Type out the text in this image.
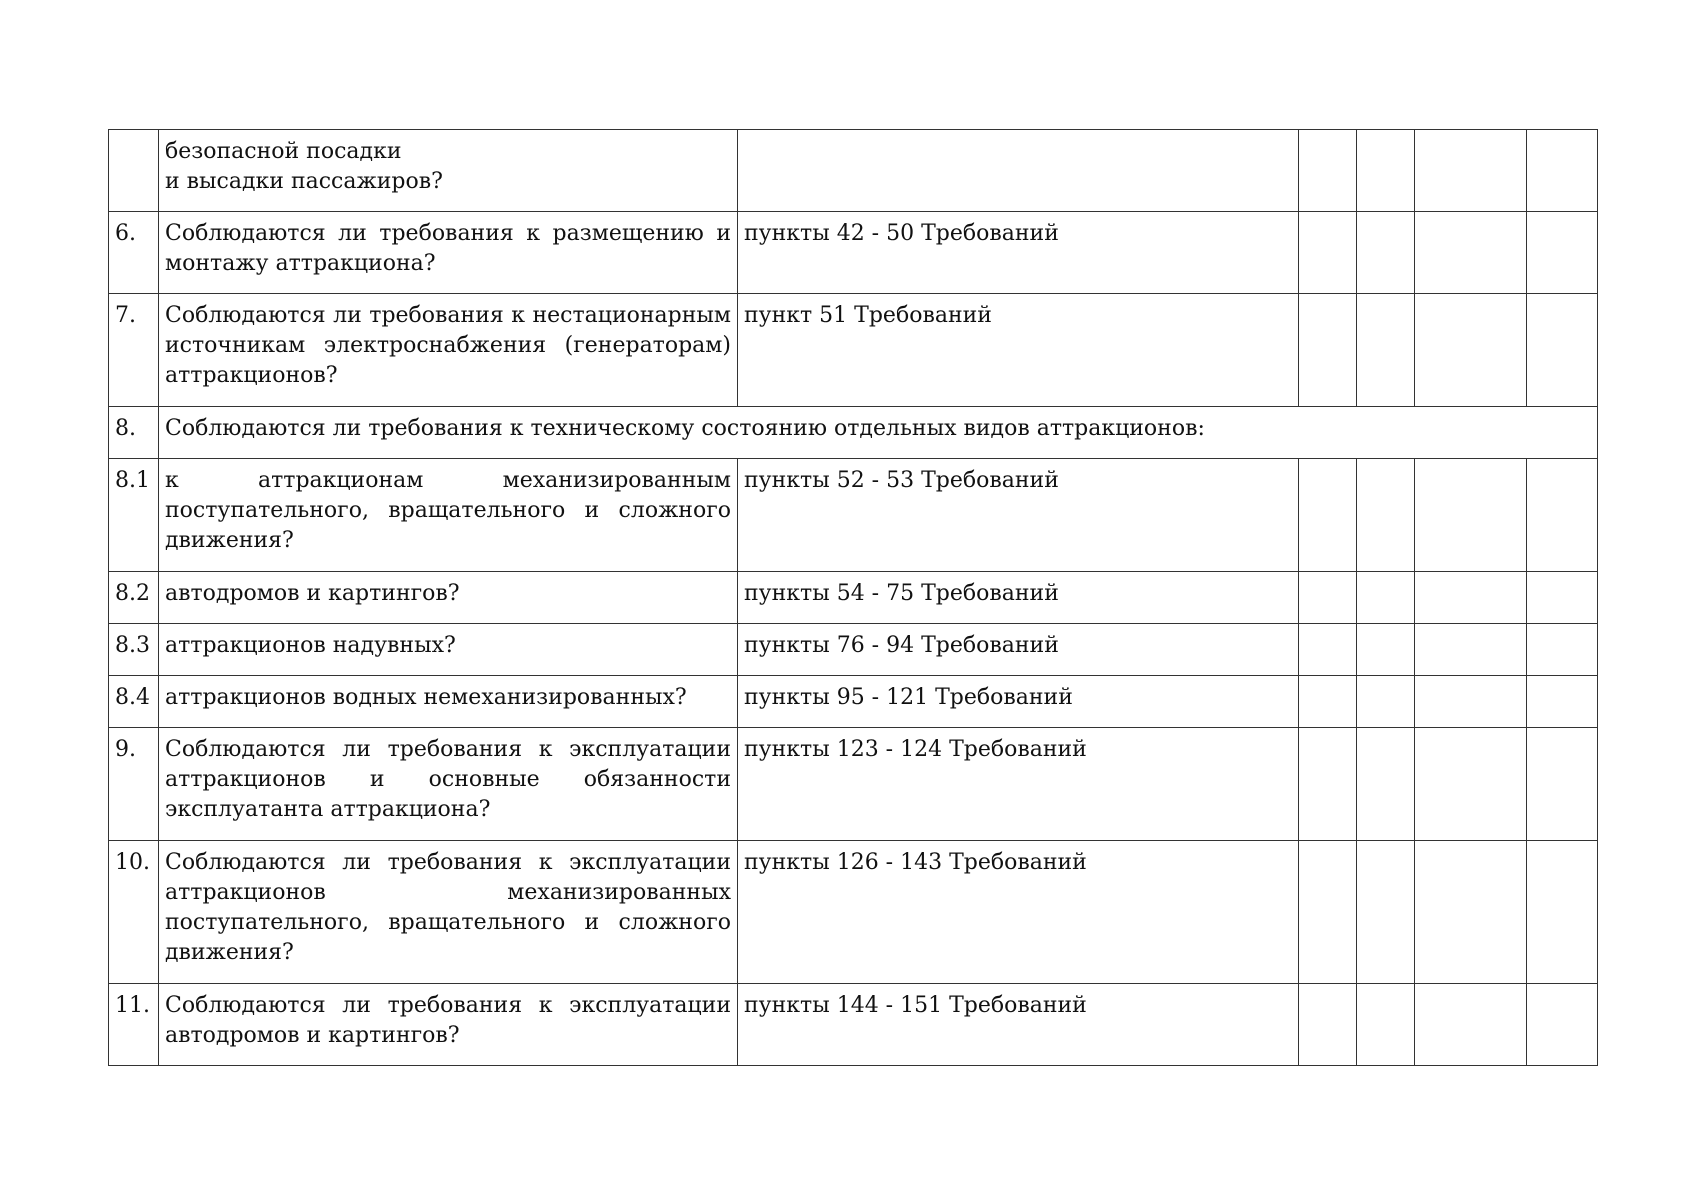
	безопасной посадки
и высадки пассажиров?					

6.	Соблюдаются ли требования к размещению и монтажу аттракциона?	пункты 42 - 50 Требований				
7.	Соблюдаются ли требования к нестационарным источникам электроснабжения (генераторам) аттракционов?	пункт 51 Требований				
8.	Соблюдаются ли требования к техническому состоянию отдельных видов аттракционов:					
8.1	к аттракционам механизированным поступательного, вращательного и сложного движения?	пункты 52 - 53 Требований				
8.2	автодромов и картингов?	пункты 54 - 75 Требований				
8.3	аттракционов надувных?	пункты 76 - 94 Требований				
8.4	аттракционов водных немеханизированных?	пункты 95 - 121 Требований				
9.	Соблюдаются ли требования к эксплуатации аттракционов и основные обязанности эксплуатанта аттракциона?	пункты 123 - 124 Требований				
10.	Соблюдаются ли требования к эксплуатации аттракционов механизированных поступательного, вращательного и сложного движения?	пункты 126 - 143 Требований				
11.	Соблюдаются ли требования к эксплуатации автодромов и картингов?	пункты 144 - 151 Требований				
